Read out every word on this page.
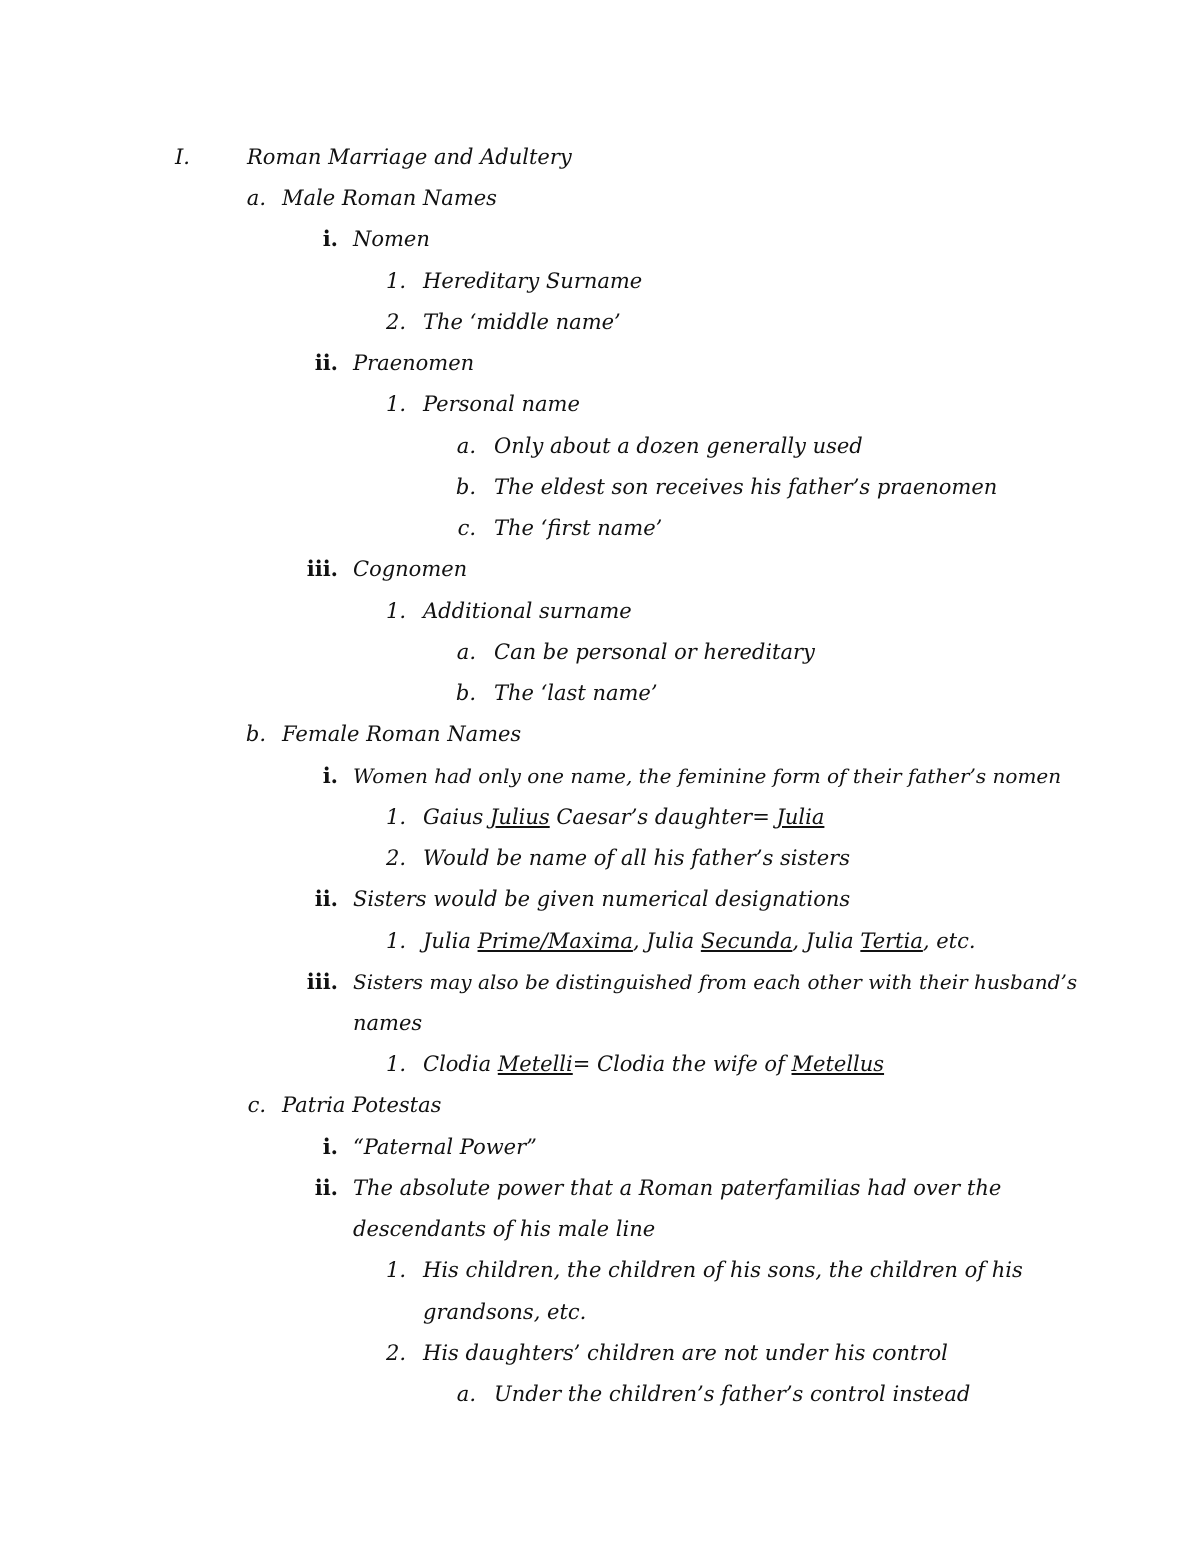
I.	Roman Marriage and Adultery
a. Male Roman Names
i. Nomen
1. Hereditary Surname
2. The ‘middle name’
ii. Praenomen
1. Personal name
a. Only about a dozen generally used
b. The eldest son receives his father’s praenomen
c. The ‘first name’
iii. Cognomen
1. Additional surname
a. Can be personal or hereditary
b. The ‘last name’
b. Female Roman Names
i. Women had only one name, the feminine form of their father’s nomen
1. Gaius Julius Caesar’s daughter= Julia
2. Would be name of all his father’s sisters
ii. Sisters would be given numerical designations
1. Julia Prime/Maxima, Julia Secunda, Julia Tertia, etc.
iii. Sisters may also be distinguished from each other with their husband’s
names
1. Clodia Metelli= Clodia the wife of Metellus
c. Patria Potestas
i. “Paternal Power”
ii. The absolute power that a Roman paterfamilias had over the
descendants of his male line
1. His children, the children of his sons, the children of his
grandsons, etc.
2. His daughters’ children are not under his control
a. Under the children’s father’s control instead
